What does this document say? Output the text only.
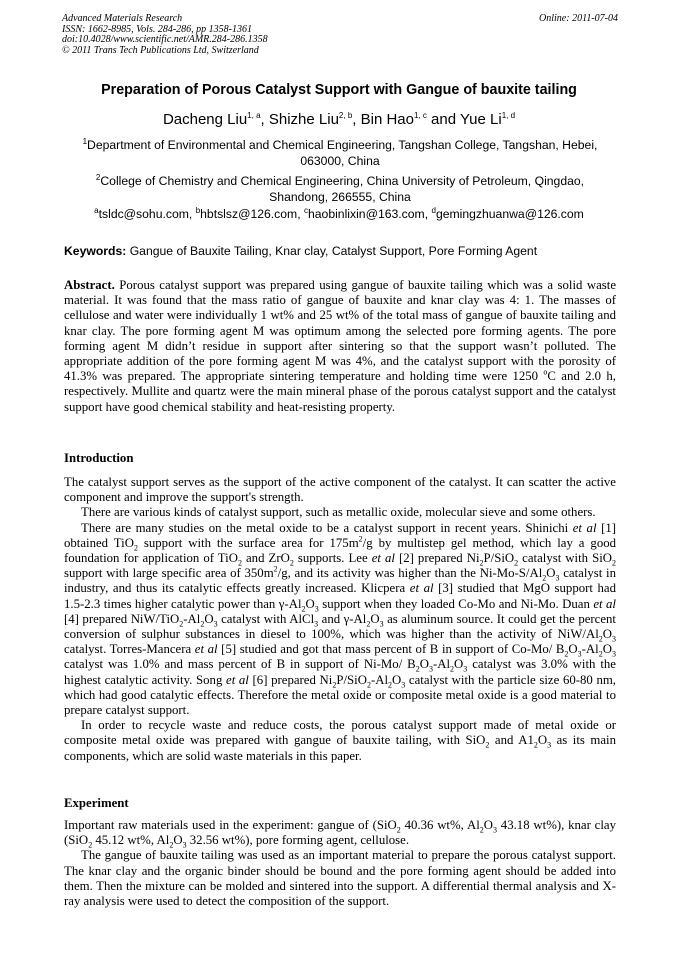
Advanced Materials Research
ISSN: 1662-8985, Vols. 284-286, pp 1358-1361
doi:10.4028/www.scientific.net/AMR.284-286.1358
© 2011 Trans Tech Publications Ltd, Switzerland
Online: 2011-07-04
Preparation of Porous Catalyst Support with Gangue of bauxite tailing
Dacheng Liu$^{1, a}$, Shizhe Liu$^{2, b}$, Bin Hao$^{1, c}$ and Yue Li$^{1, d}$
$^1$Department of Environmental and Chemical Engineering, Tangshan College, Tangshan, Hebei, 063000, China
$^2$College of Chemistry and Chemical Engineering, China University of Petroleum, Qingdao, Shandong, 266555, China
$^a$tsldc@sohu.com, $^b$hbtslsz@126.com, $^c$haobinlixin@163.com, $^d$gemingzhuanwa@126.com
Keywords: Gangue of Bauxite Tailing, Knar clay, Catalyst Support, Pore Forming Agent

Abstract. Porous catalyst support was prepared using gangue of bauxite tailing which was a solid waste material. It was found that the mass ratio of gangue of bauxite and knar clay was 4: 1. The masses of cellulose and water were individually 1 wt% and 25 wt% of the total mass of gangue of bauxite tailing and knar clay. The pore forming agent M was optimum among the selected pore forming agents. The pore forming agent M didn’t residue in support after sintering so that the support wasn’t polluted. The appropriate addition of the pore forming agent M was 4%, and the catalyst support with the porosity of 41.3% was prepared. The appropriate sintering temperature and holding time were 1250 $^o$C and 2.0 h, respectively. Mullite and quartz were the main mineral phase of the porous catalyst support and the catalyst support have good chemical stability and heat-resisting property.

Introduction

The catalyst support serves as the support of the active component of the catalyst. It can scatter the active component and improve the support's strength.

There are various kinds of catalyst support, such as metallic oxide, molecular sieve and some others.

There are many studies on the metal oxide to be a catalyst support in recent years. Shinichi et al [1] obtained TiO$_2$ support with the surface area for $175m^2/g$ by multistep gel method, which lay a good foundation for application of TiO$_2$ and ZrO$_2$ supports. Lee et al [2] prepared $Ni_2P/SiO_2$ catalyst with SiO$_2$ support with large specific area of $350m^2/g$, and its activity was higher than the $Ni-Mo-S/Al_2O_3$ catalyst in industry, and thus its catalytic effects greatly increased. Klicpera et al [3] studied that MgO support had 1.5-2.3 times higher catalytic power than $\gamma-Al_2O_3$ support when they loaded Co-Mo and Ni-Mo. Duan et al [4] prepared NiW/$TiO_2-Al_2O_3$ catalyst with AlCl$_3$ and $\gamma-Al_2O_3$ as aluminum source. It could get the percent conversion of sulphur substances in diesel to 100%, which was higher than the activity of NiW/$Al_2O_3$ catalyst. Torres-Mancera et al [5] studied and got that mass percent of B in support of Co-Mo/ $B_2O_3-Al_2O_3$ catalyst was 1.0% and mass percent of B in support of Ni-Mo/ $B_2O_3-Al_2O_3$ catalyst was 3.0% with the highest catalytic activity. Song et al [6] prepared $Ni_2P/SiO_2-Al_2O_3$ catalyst with the particle size 60-80 nm, which had good catalytic effects. Therefore the metal oxide or composite metal oxide is a good material to prepare catalyst support.

In order to recycle waste and reduce costs, the porous catalyst support made of metal oxide or composite metal oxide was prepared with gangue of bauxite tailing, with SiO$_2$ and $A1_2O_3$ as its main components, which are solid waste materials in this paper.

Experiment

Important raw materials used in the experiment: gangue of (SiO$_2$ 40.36 wt%, $Al_2O_3$ 43.18 wt%), knar clay (SiO$_2$ 45.12 wt%, $Al_2O_3$ 32.56 wt%), pore forming agent, cellulose.

The gangue of bauxite tailing was used as an important material to prepare the porous catalyst support. The knar clay and the organic binder should be bound and the pore forming agent should be added into them. Then the mixture can be molded and sintered into the support. A differential thermal analysis and X-ray analysis were used to detect the composition of the support.
